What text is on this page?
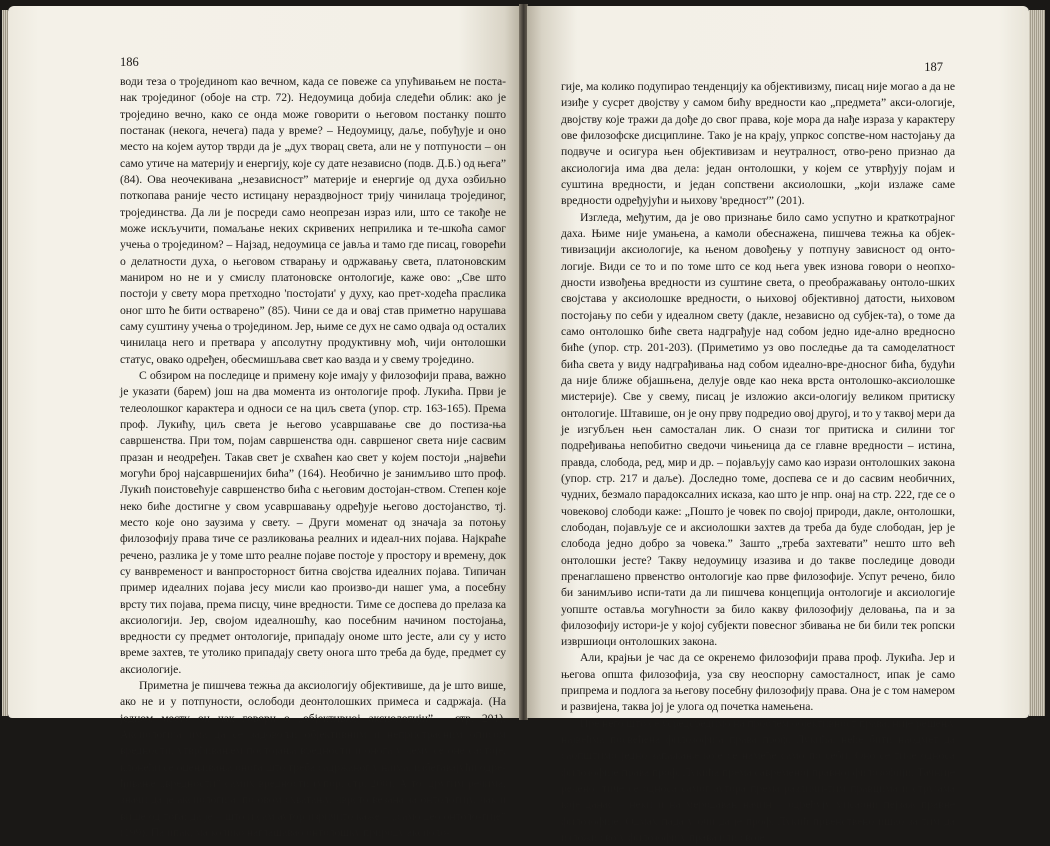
186

води теза о тројединom као вечном, када се повеже са упућивањем не поста-нак тројединог (обоје на стр. 72). Недоумица добија следећи облик: ако је тројединo вечно, како се онда може говорити о његовом постанку пошто постанак (некога, нечега) пада у време? – Недоумицу, даље, побуђује и оно место на којем аутор тврди да је „дух творац света, али не у потпуности – он само утиче на материју и енергију, које су дате независно (подв. Д.Б.) од њега” (84). Ова неочекивана „независност” материје и енергије од духа озбиљно поткопава раније често истицану нераздвојност трију чинилаца тројединог, тројединства. Да ли је посреди само неопрезан израз или, што се такође не може искључити, помаљање неких скривених неприлика и те-шкоћа самог учења о тројединoм? – Најзад, недоумица се јавља и тамо где писац, говорећи о делатности духа, о његовом стварању и одржавању света, платоновским маниром но не и у смислу платоновске онтологије, каже ово: „Све што постоји у свету мора претходно 'постојати' у духу, као прет-ходећа праслика оног што ће бити остварено” (85). Чини се да и овај став приметно нарушава саму суштину учења о тројединoм. Јер, њиме се дух не само одваја од осталих чинилаца него и претвара у апсолутну продуктивну моћ, чији онтолошки статус, овако одређен, обесмишљава свет као вазда и у свему тројединo.

С обзиром на последице и примену које имају у филозофији права, важно је указати (барем) још на два момента из онтологије проф. Лукића. Први је телеолошког карактера и односи се на циљ света (упор. стр. 163-165). Према проф. Лукићу, циљ света је његово усавршавање све до постиза-ња савршенства. При том, појам савршенства одн. савршеног света није сасвим празан и неодређен. Такав свет је схваћен као свет у којем постоји „највећи могући број најсавршенијих бића” (164). Необично је занимљиво што проф. Лукић поистовећује савршенство бића с његовим достојан-ством. Степен које неко биће достигне у свом усавршавању одређује његово достојанство, тј. место које оно заузима у свету. – Други моменат од значаја за потоњу филозофију права тиче се разликовања реалних и идеал-них појава. Најкраће речено, разлика је у томе што реалне појаве постоје у простору и времену, док су ванвременост и ванпросторност битна својства идеалних појава. Типичан пример идеалних појава јесу мисли као произво-ди нашег ума, а посебну врсту тих појава, према писцу, чине вредности. Тиме се доспева до прелаза ка аксиологији. Јер, својом идеалношћу, као посебним начином постојања, вредности су предмет онтологије, припадају ономе што јесте, али су у исто време захтев, те утолико припадају свету онога што треба да буде, предмет су аксиологије.

Приметна је пишчева тежња да аксиологију објективише, да је што више, ако не и у потпуности, ослободи деонтолошких примеса и садржаја. (На једном месту он чак говори о „објективној аксиологији” – стр. 201). Аксиологија има да се задовољи објективним и непристрасним описом вредности, утврђивањем постојања вредности и онога у чему се оне састоје, клонећи се оцењивања онога што треба садржаног у њима, избегавајући одре-ђивање „вредности” самих вредности (упор. стр. 200). А то, другим речима, значи да је аксиологија, по овом схватању, чврсто везана за онтологију, чак и више од тога: да је – што и сам аутор изричито каже – „само део онтоло-гије” (199). Па ипак, ма колико наглашавао онтолошку природу аксиоло-

187

гије, ма колико подупирао тенденцију ка објективизму, писац није могао а да не изиђе у сусрет двојству у самом бићу вредности као „предмета” акси-ологије, двојству које тражи да дође до свог права, које мора да нађе израза у карактеру ове филозофске дисциплине. Тако је на крају, упркос сопстве-ном настојању да подвуче и осигура њен објективизам и неутралност, отво-рено признао да аксиологија има два дела: један онтолошки, у којем се утврђују појам и суштина вредности, и један сопствени аксиолошки, „који излаже саме вредности одређујући и њихову 'вредност'” (201).

Изгледа, међутим, да је ово признање било само успутно и краткотрајног даха. Њиме није умањена, а камоли обеснажена, пишчева тежња ка објек-тивизацији аксиологије, ка њеном довођењу у потпуну зависност од онто-логије. Види се то и по томе што се код њега увек изнова говори о неопхо-дности извођења вредности из суштине света, о преображавању онтоло-шких својстава у аксиолошке вредности, о њиховој објективној датости, њиховом постојању по себи у идеалном свету (дакле, независно од субјек-та), о томе да само онтолошко биће света надграђује над собом једно иде-ално вредносно биће (упор. стр. 201-203). (Приметимо уз ово последње да та самоделатност бића света у виду надграђивања над собом идеално-вре-дносног бића, будући да није ближе објашњена, делује овде као нека врста онтолошко-аксиолошке мистерије). Све у свему, писац је изложио акси-ологију великом притиску онтологије. Штавише, он је ону прву подредио овој другој, и то у таквој мери да је изгубљен њен самосталан лик. О снази тог притиска и силини тог подређивања непобитно сведочи чињеница да се главне вредности – истина, правда, слобода, ред, мир и др. – појављују само као изрази онтолошких закона (упор. стр. 217 и даље). Доследно томе, доспева се и до сасвим необичних, чудних, безмало парадоксалних исказа, као што је нпр. онај на стр. 222, где се о човековој слободи каже: „Пошто је човек по својој природи, дакле, онтолошки, слободан, појављује се и аксиолошки захтев да треба да буде слободан, јер је слобода једно добро за човека.” Зашто „треба захтевати” нешто што већ онтолошки јесте? Такву недоумицу изазива и до такве последице доводи пренаглашено првенство онтологије као прве филозофије. Успут речено, било би занимљиво испи-тати да ли пишчева концепција онтологије и аксиологије уопште оставља могућности за било какву филозофију деловања, па и за филозофију истори-је у којој субјекти повесног збивања не би били тек ропски извршиоци онтолошких закона.

Али, крајњи је час да се окренемо филозофији права проф. Лукића. Јер и његова општа филозофија, уза сву неоспорну самосталност, ипак је само припрема и подлога за његову посебну филозофију права. Она је с том намером и развијена, таква јој је улога од почетка намењена.

Пре него што се усредсредимо на проблем објективност права, није решењу највећма посвећена филозофија права проф. Лукића, неће бити наодмет да саопштимо једно запажање које се намеће само по себи. Оно се тиче односа филозофије права проф. Лукића према савременој правној филозофији. Тачније речено, тиче се односа самог аутора према различи-тим правцима и струјама које данас – неки и на меродаван начин – одређују мисаони пејзаж правне филозофије. Одмах пада у очи да је проф. Лукић првенствено ишао за тим да изложи своју филозофију права или своје
